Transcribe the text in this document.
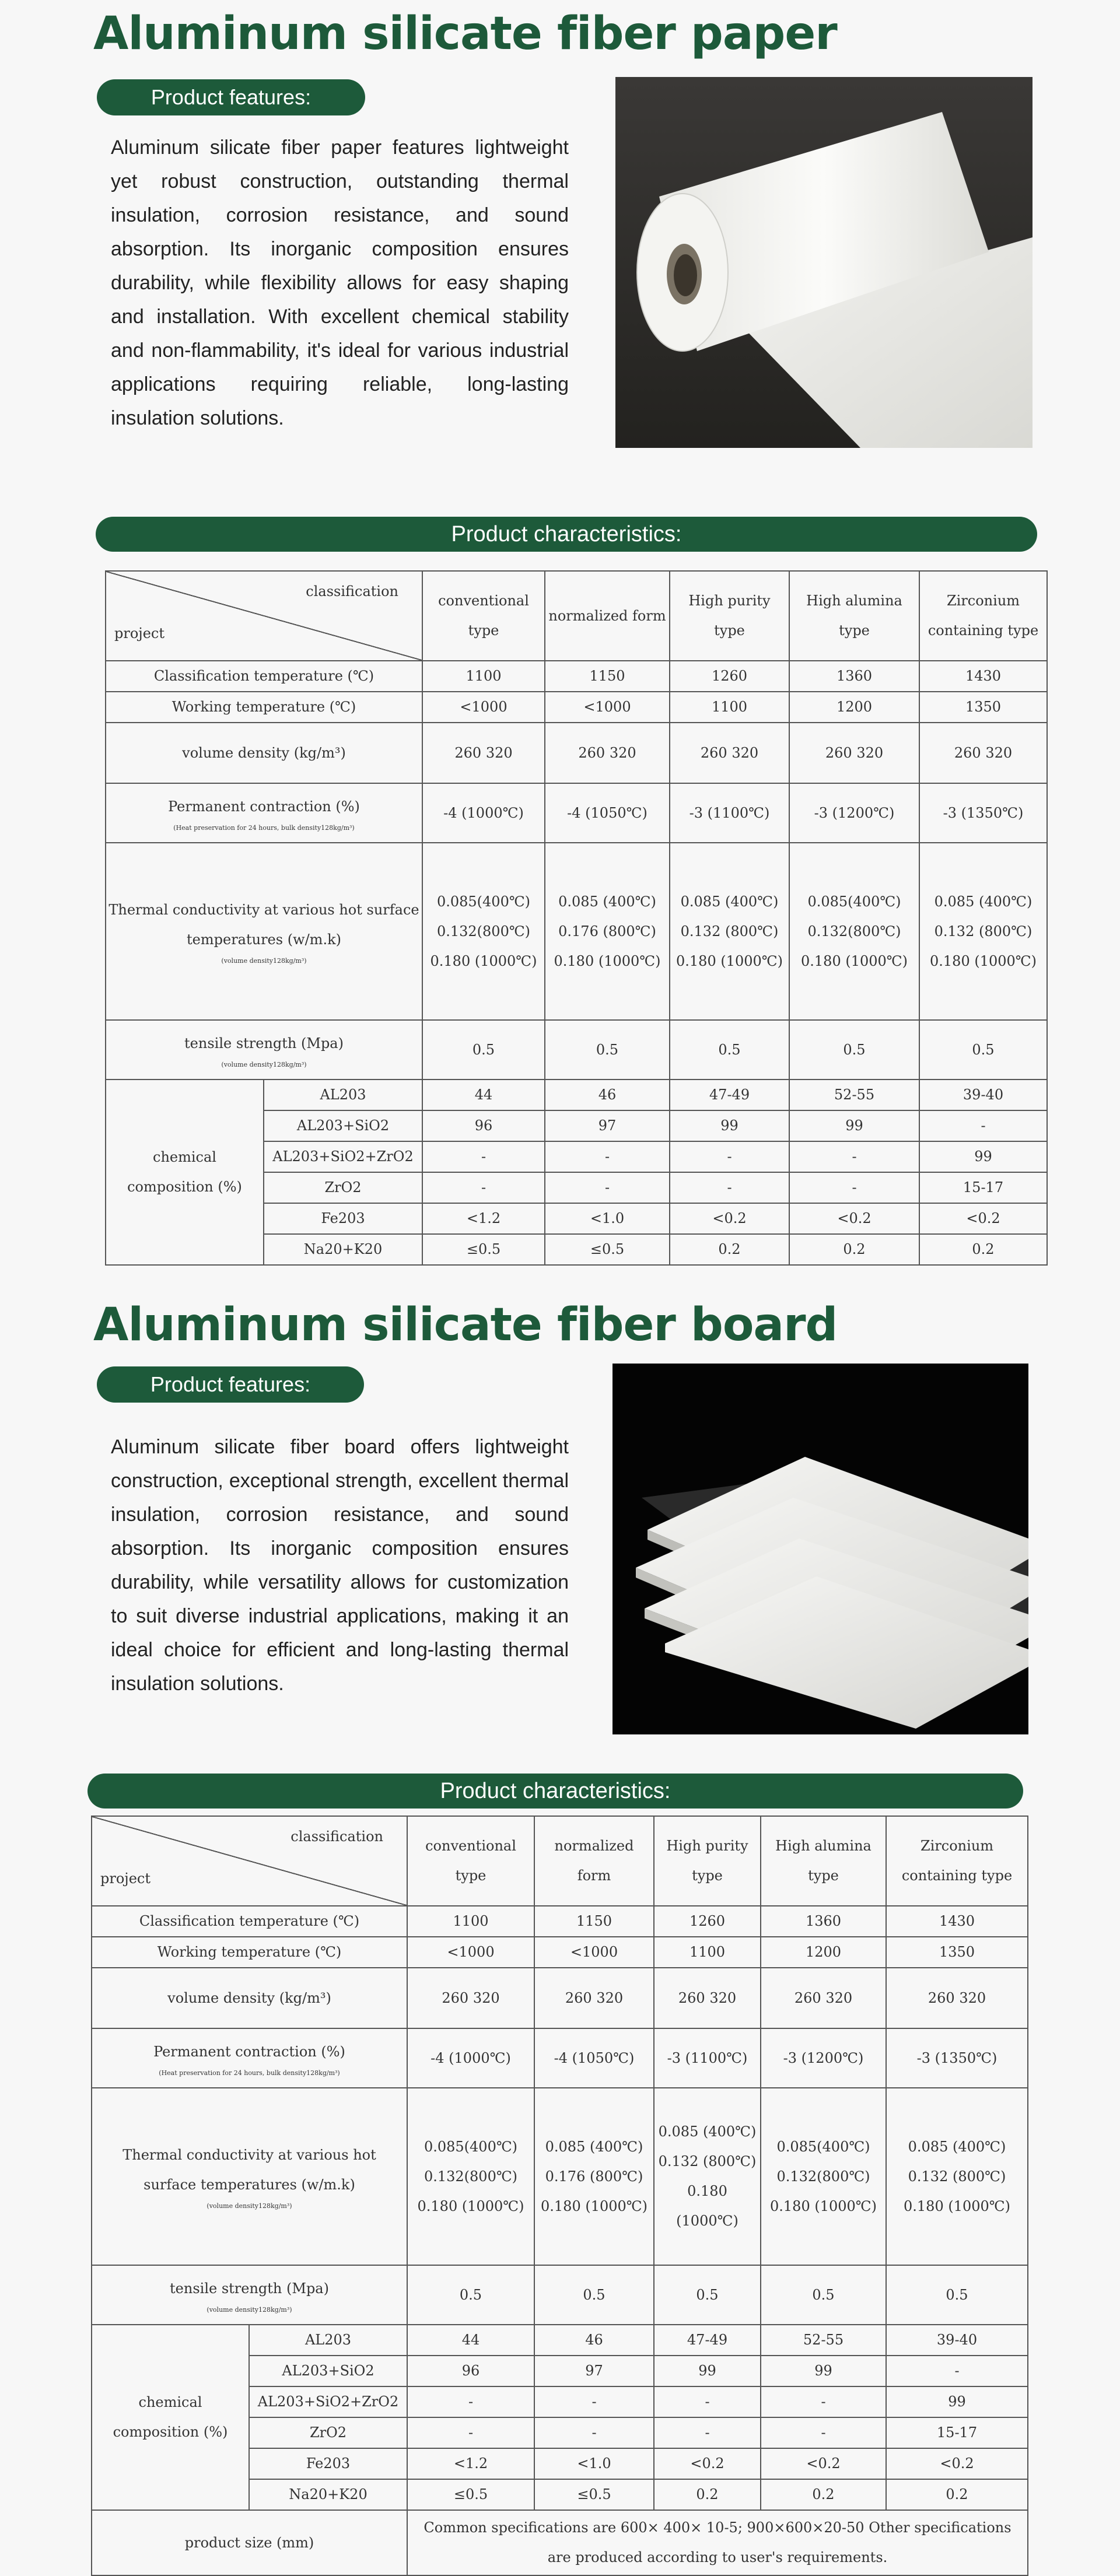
Aluminum silicate fiber paper
Product features:

Aluminum silicate fiber paper features lightweight yet robust construction, outstanding thermal insulation, corrosion resistance, and sound absorption. Its inorganic composition ensures durability, while flexibility allows for easy shaping and installation. With excellent chemical stability and non-flammability, it's ideal for various industrial applications requiring reliable, long-lasting insulation solutions.

Product characteristics:
classification
project		conventional type	normalized form	High purity type	High alumina type	Zirconium containing type
Classification temperature (℃)		1100	1150	1260	1360	1430
Working temperature (℃)		<1000	<1000	1100	1200	1350
volume density (kg/m³)		260 320	260 320	260 320	260 320	260 320
Permanent contraction (%)
(Heat preservation for 24 hours, bulk density128kg/m³)		-4 (1000℃)	-4 (1050℃)	-3 (1100℃)	-3 (1200℃)	-3 (1350℃)

Thermal conductivity at various hot surface temperatures (w/m.k)
(volume density128kg/m³)		0.085(400℃) 0.132(800℃) 0.180 (1000℃)	0.085 (400℃) 0.176 (800℃) 0.180 (1000℃)	0.085 (400℃) 0.132 (800℃) 0.180 (1000℃)	0.085(400℃) 0.132(800℃) 0.180 (1000℃)	0.085 (400℃) 0.132 (800℃) 0.180 (1000℃)
tensile strength (Mpa)
(volume density128kg/m³)		0.5	0.5	0.5	0.5	0.5
chemical composition (%)	AL203	44	46	47-49	52-55	39-40
	AL203+SiO2	96	97	99	99	-
	AL203+SiO2+ZrO2	-	-	-	-	99
	ZrO2	-	-	-	-	15-17
	Fe203	<1.2	<1.0	<0.2	<0.2	<0.2
	Na20+K20	≤0.5	≤0.5	0.2	0.2	0.2
Aluminum silicate fiber board
Product features:

Aluminum silicate fiber board offers lightweight construction, exceptional strength, excellent thermal insulation, corrosion resistance, and sound absorption. Its inorganic composition ensures durability, while versatility allows for customization to suit diverse industrial applications, making it an ideal choice for efficient and long-lasting thermal insulation solutions.

Product characteristics:
classification
project		conventional type	normalized form	High purity type	High alumina type	Zirconium containing type
Classification temperature (℃)		1100	1150	1260	1360	1430
Working temperature (℃)		<1000	<1000	1100	1200	1350
volume density (kg/m³)		260 320	260 320	260 320	260 320	260 320
Permanent contraction (%)
(Heat preservation for 24 hours, bulk density128kg/m³)		-4 (1000℃)	-4 (1050℃)	-3 (1100℃)	-3 (1200℃)	-3 (1350℃)

Thermal conductivity at various hot surface temperatures (w/m.k)
(volume density128kg/m³)		0.085(400℃) 0.132(800℃) 0.180 (1000℃)	0.085 (400℃) 0.176 (800℃) 0.180 (1000℃)	0.085 (400℃) 0.132 (800℃) 0.180 (1000℃)	0.085(400℃) 0.132(800℃) 0.180 (1000℃)	0.085 (400℃) 0.132 (800℃) 0.180 (1000℃)
tensile strength (Mpa)
(volume density128kg/m³)		0.5	0.5	0.5	0.5	0.5
chemical composition (%)	AL203	44	46	47-49	52-55	39-40
	AL203+SiO2	96	97	99	99	-
	AL203+SiO2+ZrO2	-	-	-	-	99
	ZrO2	-	-	-	-	15-17
	Fe203	<1.2	<1.0	<0.2	<0.2	<0.2
	Na20+K20	≤0.5	≤0.5	0.2	0.2	0.2
product size (mm)		Common specifications are 600× 400× 10-5; 900×600×20-50 Other specifications are produced according to user's requirements.				
